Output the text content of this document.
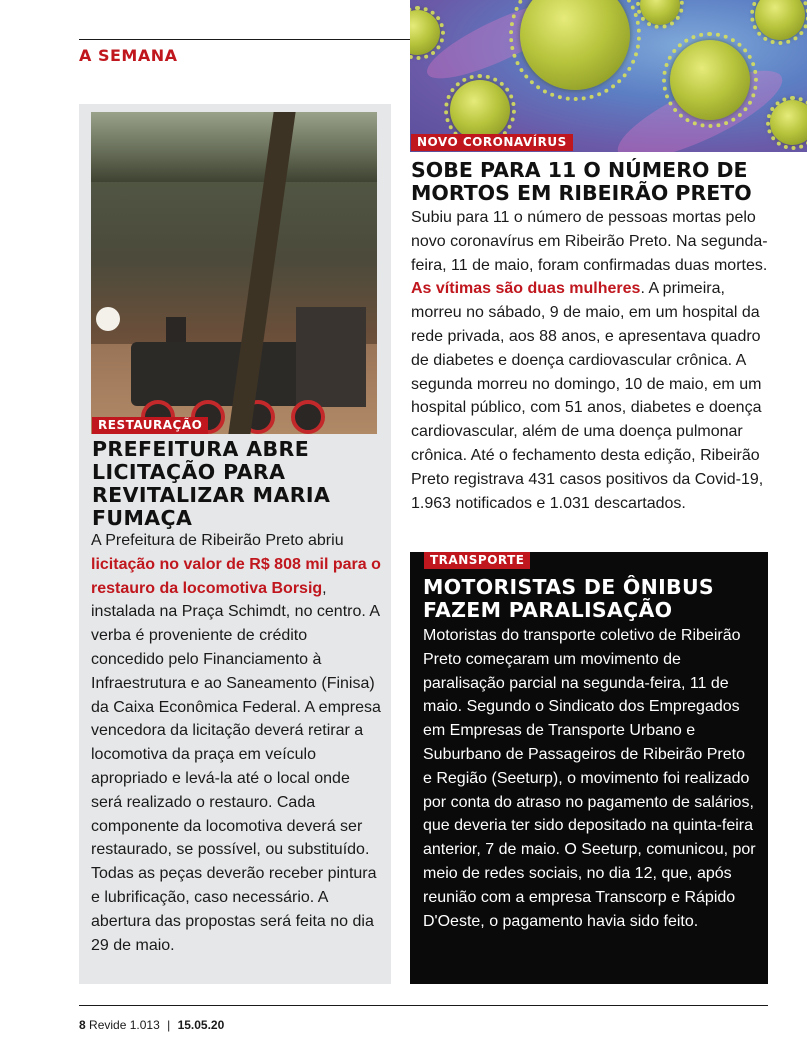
A SEMANA
NOVO CORONAVÍRUS
SOBE PARA 11 O NÚMERO DE
MORTOS EM RIBEIRÃO PRETO

Subiu para 11 o número de pessoas mortas pelo novo coronavírus em Ribeirão Preto. Na segunda-feira, 11 de maio, foram confirmadas duas mortes. As vítimas são duas mulheres. A primeira, morreu no sábado, 9 de maio, em um hospital da rede privada, aos 88 anos, e apresentava quadro de diabetes e doença cardiovascular crônica. A segunda morreu no domingo, 10 de maio, em um hospital público, com 51 anos, diabetes e doença cardiovascular, além de uma doença pulmonar crônica. Até o fechamento desta edição, Ribeirão Preto registrava 431 casos positivos da Covid-19, 1.963 notificados e 1.031 descartados.

RESTAURAÇÃO
PREFEITURA ABRE
LICITAÇÃO PARA
REVITALIZAR MARIA
FUMAÇA

A Prefeitura de Ribeirão Preto abriu licitação no valor de R$ 808 mil para o restauro da locomotiva Borsig, instalada na Praça Schimdt, no centro. A verba é proveniente de crédito concedido pelo Financiamento à Infraestrutura e ao Saneamento (Finisa) da Caixa Econômica Federal. A empresa vencedora da licitação deverá retirar a locomotiva da praça em veículo apropriado e levá-la até o local onde será realizado o restauro. Cada componente da locomotiva deverá ser restaurado, se possível, ou substituído. Todas as peças deverão receber pintura e lubrificação, caso necessário. A abertura das propostas será feita no dia 29 de maio.

TRANSPORTE
MOTORISTAS DE ÔNIBUS
FAZEM PARALISAÇÃO

Motoristas do transporte coletivo de Ribeirão Preto começaram um movimento de paralisação parcial na segunda-feira, 11 de maio. Segundo o Sindicato dos Empregados em Empresas de Transporte Urbano e Suburbano de Passageiros de Ribeirão Preto e Região (Seeturp), o movimento foi realizado por conta do atraso no pagamento de salários, que deveria ter sido depositado na quinta-feira anterior, 7 de maio. O Seeturp, comunicou, por meio de redes sociais, no dia 12, que, após reunião com a empresa Transcorp e Rápido D'Oeste, o pagamento havia sido feito.

8 Revide 1.013 | 15.05.20
